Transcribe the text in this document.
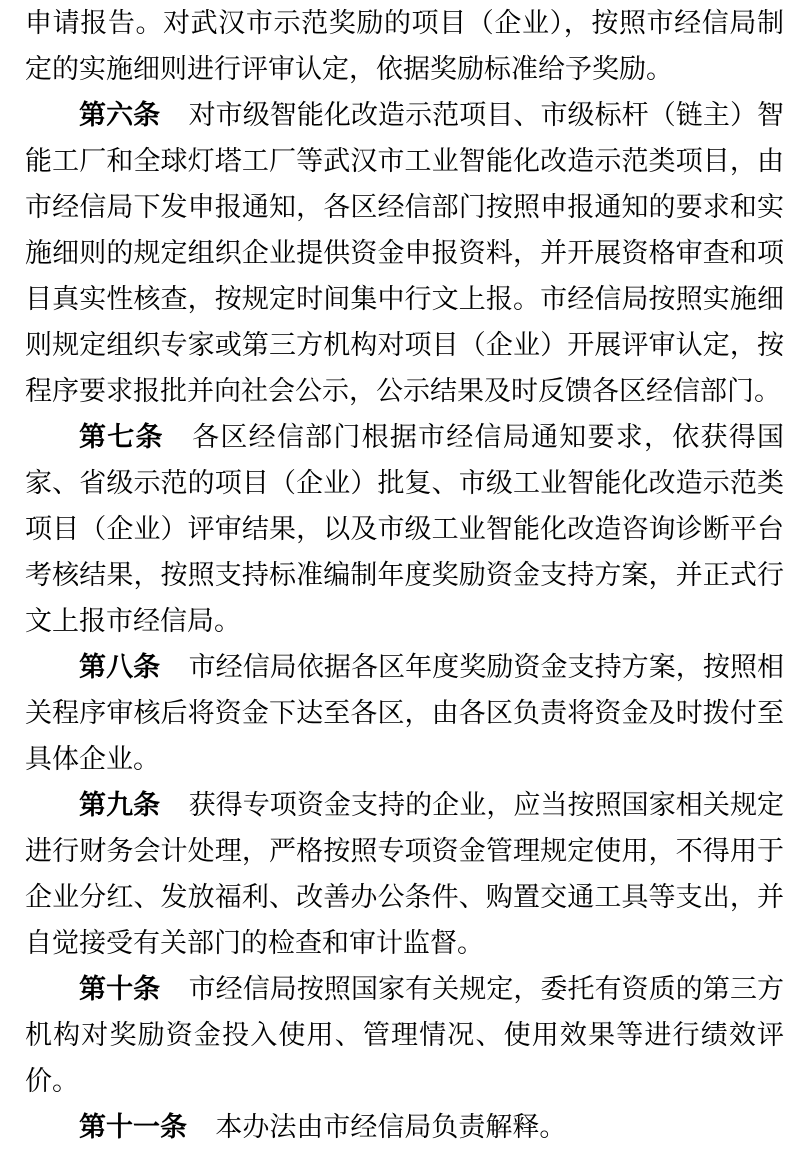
申请报告。对武汉市示范奖励的项目（企业），按照市经信局制定的实施细则进行评审认定，依据奖励标准给予奖励。

第六条 对市级智能化改造示范项目、市级标杆（链主）智能工厂和全球灯塔工厂等武汉市工业智能化改造示范类项目，由市经信局下发申报通知，各区经信部门按照申报通知的要求和实施细则的规定组织企业提供资金申报资料，并开展资格审查和项目真实性核查，按规定时间集中行文上报。市经信局按照实施细则规定组织专家或第三方机构对项目（企业）开展评审认定，按程序要求报批并向社会公示，公示结果及时反馈各区经信部门。

第七条 各区经信部门根据市经信局通知要求，依获得国家、省级示范的项目（企业）批复、市级工业智能化改造示范类项目（企业）评审结果，以及市级工业智能化改造咨询诊断平台考核结果，按照支持标准编制年度奖励资金支持方案，并正式行文上报市经信局。

第八条 市经信局依据各区年度奖励资金支持方案，按照相关程序审核后将资金下达至各区，由各区负责将资金及时拨付至具体企业。

第九条 获得专项资金支持的企业，应当按照国家相关规定进行财务会计处理，严格按照专项资金管理规定使用，不得用于企业分红、发放福利、改善办公条件、购置交通工具等支出，并自觉接受有关部门的检查和审计监督。

第十条 市经信局按照国家有关规定，委托有资质的第三方机构对奖励资金投入使用、管理情况、使用效果等进行绩效评价。

第十一条 本办法由市经信局负责解释。
